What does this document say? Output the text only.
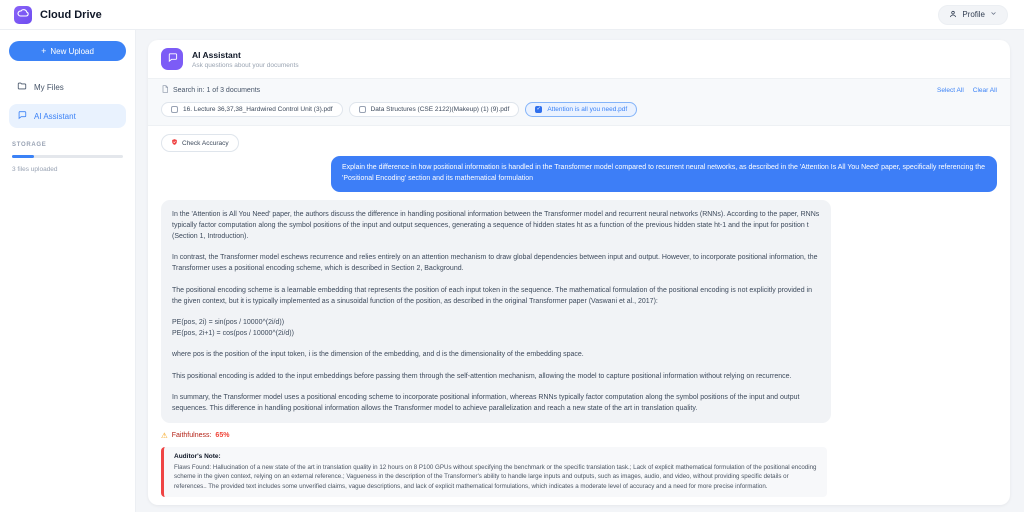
Cloud Drive	Profile
+ New Upload
My Files
AI Assistant
STORAGE
3 files uploaded
AI Assistant
Ask questions about your documents
Search in: 1 of 3 documents	Select All Clear All
16. Lecture 36,37,38_Hardwired Control Unit (3).pdf	Data Structures (CSE 2122)(Makeup) (1) (9).pdf ✓	Attention is all you need.pdf
Check Accuracy
Explain the difference in how positional information is handled in the Transformer model compared to recurrent neural networks, as described in the 'Attention Is All You Need' paper, specifically referencing the 'Positional Encoding' section and its mathematical formulation

In the 'Attention is All You Need' paper, the authors discuss the difference in handling positional information between the Transformer model and recurrent neural networks (RNNs). According to the paper, RNNs typically factor computation along the symbol positions of the input and output sequences, generating a sequence of hidden states ht as a function of the previous hidden state ht-1 and the input for position t (Section 1, Introduction).

In contrast, the Transformer model eschews recurrence and relies entirely on an attention mechanism to draw global dependencies between input and output. However, to incorporate positional information, the Transformer uses a positional encoding scheme, which is described in Section 2, Background.

The positional encoding scheme is a learnable embedding that represents the position of each input token in the sequence. The mathematical formulation of the positional encoding is not explicitly provided in the given context, but it is typically implemented as a sinusoidal function of the position, as described in the original Transformer paper (Vaswani et al., 2017):

PE(pos, 2i) = sin(pos / 10000^(2i/d))

PE(pos, 2i+1) = cos(pos / 10000^(2i/d))

where pos is the position of the input token, i is the dimension of the embedding, and d is the dimensionality of the embedding space.

This positional encoding is added to the input embeddings before passing them through the self-attention mechanism, allowing the model to capture positional information without relying on recurrence.

In summary, the Transformer model uses a positional encoding scheme to incorporate positional information, whereas RNNs typically factor computation along the symbol positions of the input and output sequences. This difference in handling positional information allows the Transformer model to achieve parallelization and reach a new state of the art in translation quality.

⚠ Faithfulness: 65%
Auditor's Note:
Flaws Found: Hallucination of a new state of the art in translation quality in 12 hours on 8 P100 GPUs without specifying the benchmark or the specific translation task.; Lack of explicit mathematical formulation of the positional encoding scheme in the given context, relying on an external reference.; Vagueness in the description of the Transformer's ability to handle large inputs and outputs, such as images, audio, and video, without providing specific details or references.. The provided text includes some unverified claims, vague descriptions, and lack of explicit mathematical formulations, which indicates a moderate level of accuracy and a need for more precise information.
